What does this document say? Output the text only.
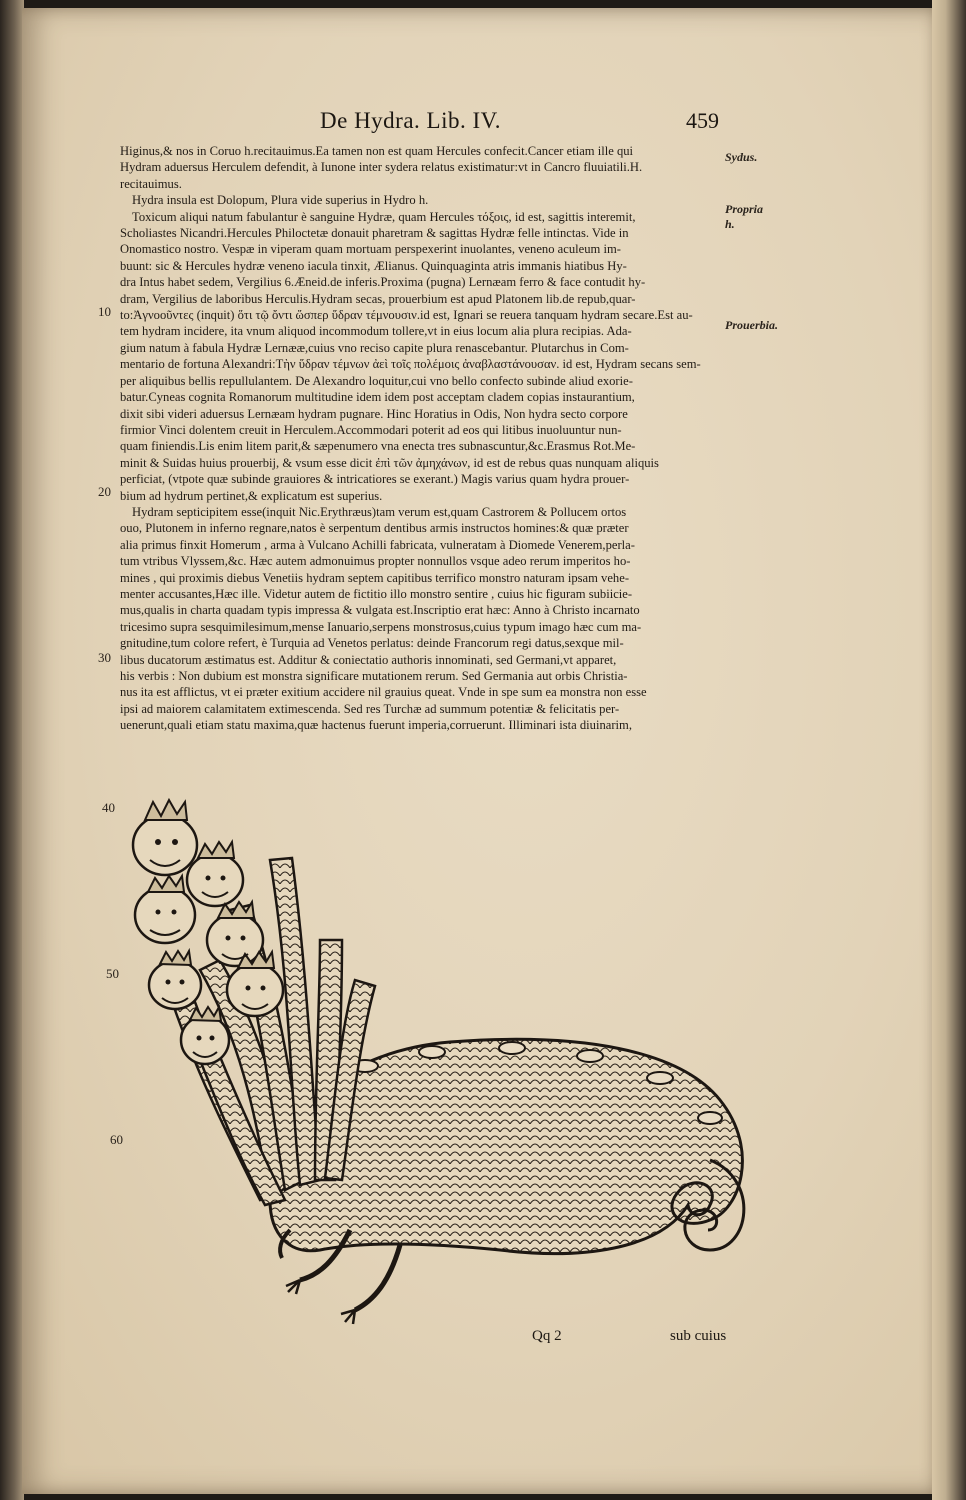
De Hydra. Lib. IV.	459
Sydus.
Propria h.
Prouerbia.
10
20
30
40
50
60
Higinus,& nos in Coruo h.recitauimus.Ea tamen non est quam Hercules confecit.Cancer etiam ille qui
Hydram aduersus Herculem defendit, à Iunone inter sydera relatus existimatur:vt in Cancro fluuiatili.H.
recitauimus.
Hydra insula est Dolopum, Plura vide superius in Hydro h.
Toxicum aliqui natum fabulantur è sanguine Hydræ, quam Hercules τόξοις, id est, sagittis interemit,
Scholiastes Nicandri.Hercules Philoctetæ donauit pharetram & sagittas Hydræ felle intinctas. Vide in
Onomastico nostro. Vespæ in viperam quam mortuam perspexerint inuolantes, veneno aculeum im-
buunt: sic & Hercules hydræ veneno iacula tinxit, Ælianus. Quinquaginta atris immanis hiatibus Hy-
dra Intus habet sedem, Vergilius 6.Æneid.de inferis.Proxima (pugna) Lernæam ferro & face contudit hy-
dram, Vergilius de laboribus Herculis.Hydram secas, prouerbium est apud Platonem lib.de repub,quar-
to:Ἀγνοοῦντες (inquit) ὅτι τῷ ὄντι ὥσπερ ὕδραν τέμνουσιν.id est, Ignari se reuera tanquam hydram secare.Est au-
tem hydram incidere, ita vnum aliquod incommodum tollere,vt in eius locum alia plura recipias. Ada-
gium natum à fabula Hydræ Lernææ,cuius vno reciso capite plura renascebantur. Plutarchus in Com-
mentario de fortuna Alexandri:Τὴν ὕδραν τέμνων ἀεὶ τοῖς πολέμοις ἀναβλαστάνουσαν. id est, Hydram secans sem-
per aliquibus bellis repullulantem. De Alexandro loquitur,cui vno bello confecto subinde aliud exorie-
batur.Cyneas cognita Romanorum multitudine idem idem post acceptam cladem copias instaurantium,
dixit sibi videri aduersus Lernæam hydram pugnare. Hinc Horatius in Odis, Non hydra secto corpore
firmior Vinci dolentem creuit in Herculem.Accommodari poterit ad eos qui litibus inuoluuntur nun-
quam finiendis.Lis enim litem parit,& sæpenumero vna enecta tres subnascuntur,&c.Erasmus Rot.Me-
minit & Suidas huius prouerbij, & vsum esse dicit ἐπὶ τῶν ἀμηχάνων, id est de rebus quas nunquam aliquis
perficiat, (vtpote quæ subinde grauiores & intricatiores se exerant.) Magis varius quam hydra prouer-
bium ad hydrum pertinet,& explicatum est superius.
Hydram septicipitem esse(inquit Nic.Erythræus)tam verum est,quam Castrorem & Pollucem ortos
ouo, Plutonem in inferno regnare,natos è serpentum dentibus armis instructos homines:& quæ præter
alia primus finxit Homerum , arma à Vulcano Achilli fabricata, vulneratam à Diomede Venerem,perla-
tum vtribus Vlyssem,&c. Hæc autem admonuimus propter nonnullos vsque adeo rerum imperitos ho-
mines , qui proximis diebus Venetiis hydram septem capitibus terrifico monstro naturam ipsam vehe-
menter accusantes,Hæc ille. Videtur autem de fictitio illo monstro sentire , cuius hic figuram subiicie-
mus,qualis in charta quadam typis impressa & vulgata est.Inscriptio erat hæc: Anno à Christo incarnato
tricesimo supra sesquimilesimum,mense Ianuario,serpens monstrosus,cuius typum imago hæc cum ma-
gnitudine,tum colore refert, è Turquia ad Venetos perlatus: deinde Francorum regi datus,sexque mil-
libus ducatorum æstimatus est. Additur & coniectatio authoris innominati, sed Germani,vt apparet,
his verbis : Non dubium est monstra significare mutationem rerum. Sed Germania aut orbis Christia-
nus ita est afflictus, vt ei præter exitium accidere nil grauius queat. Vnde in spe sum ea monstra non esse
ipsi ad maiorem calamitatem extimescenda. Sed res Turchæ ad summum potentiæ & felicitatis per-
uenerunt,quali etiam statu maxima,quæ hactenus fuerunt imperia,corruerunt. Illiminari ista diuinarim,
Qq 2	sub cuius
